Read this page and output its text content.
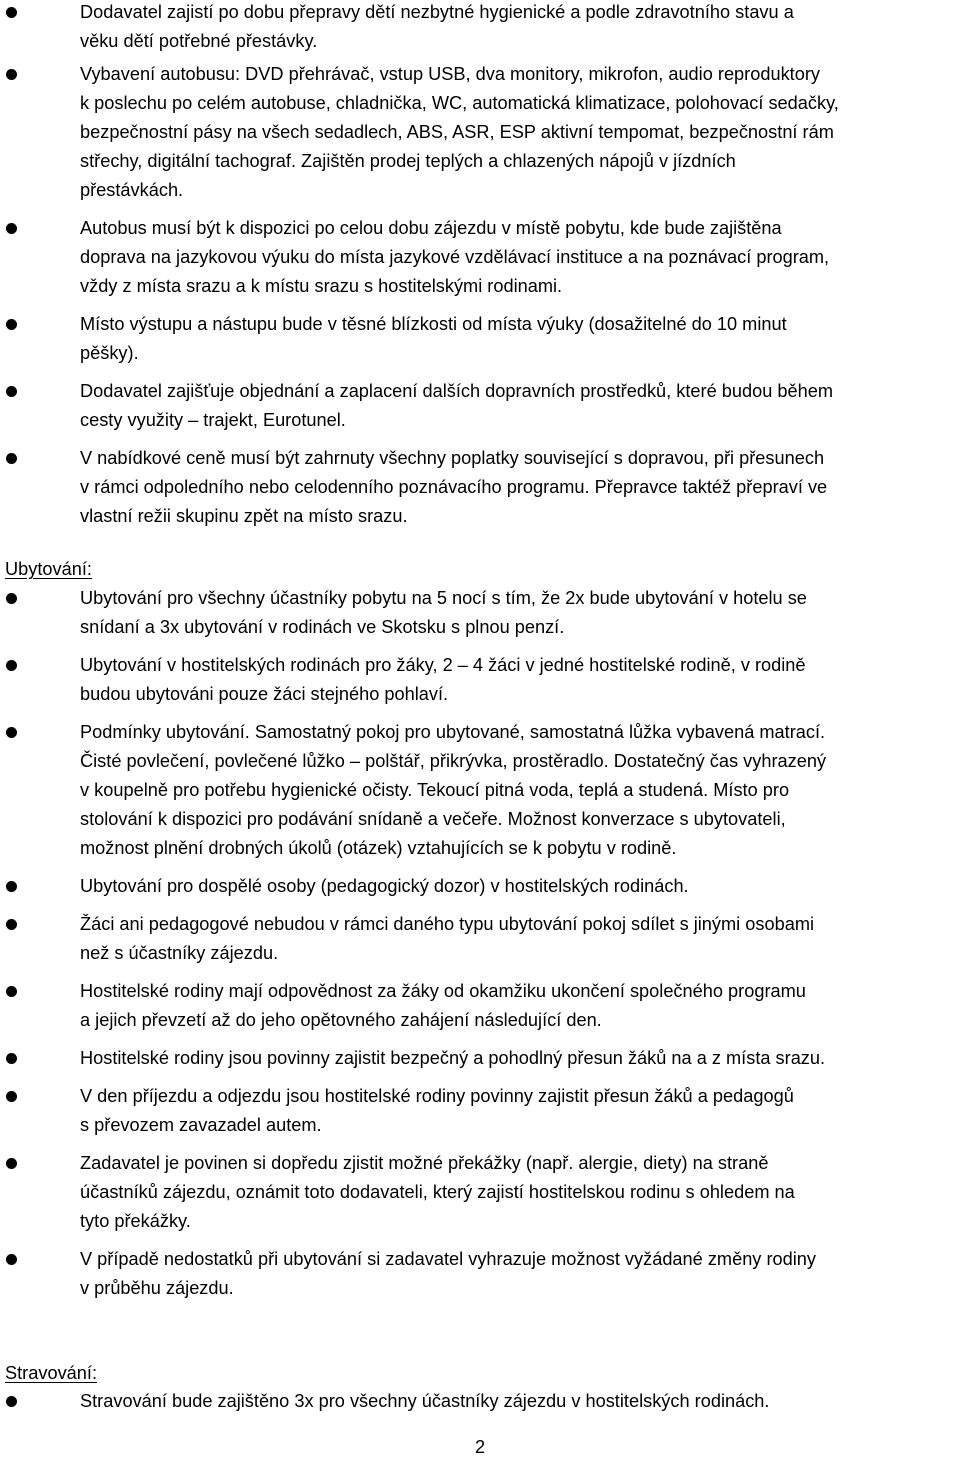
Dodavatel zajistí po dobu přepravy dětí nezbytné hygienické a podle zdravotního stavu a
věku dětí potřebné přestávky.
Vybavení autobusu: DVD přehrávač, vstup USB, dva monitory, mikrofon, audio reproduktory
k poslechu po celém autobuse, chladnička, WC, automatická klimatizace, polohovací sedačky,
bezpečnostní pásy na všech sedadlech, ABS, ASR, ESP aktivní tempomat, bezpečnostní rám
střechy, digitální tachograf. Zajištěn prodej teplých a chlazených nápojů v jízdních
přestávkách.
Autobus musí být k dispozici po celou dobu zájezdu v místě pobytu, kde bude zajištěna
doprava na jazykovou výuku do místa jazykové vzdělávací instituce a na poznávací program,
vždy z místa srazu a k místu srazu s hostitelskými rodinami.
Místo výstupu a nástupu bude v těsné blízkosti od místa výuky (dosažitelné do 10 minut
pěšky).
Dodavatel zajišťuje objednání a zaplacení dalších dopravních prostředků, které budou během
cesty využity – trajekt, Eurotunel.
V nabídkové ceně musí být zahrnuty všechny poplatky související s dopravou, při přesunech
v rámci odpoledního nebo celodenního poznávacího programu. Přepravce taktéž přepraví ve
vlastní režii skupinu zpět na místo srazu.
Ubytování:
Ubytování pro všechny účastníky pobytu na 5 nocí s tím, že 2x bude ubytování v hotelu se
snídaní a 3x ubytování v rodinách ve Skotsku s plnou penzí.
Ubytování v hostitelských rodinách pro žáky, 2 – 4 žáci v jedné hostitelské rodině, v rodině
budou ubytováni pouze žáci stejného pohlaví.
Podmínky ubytování. Samostatný pokoj pro ubytované, samostatná lůžka vybavená matrací.
Čisté povlečení, povlečené lůžko – polštář, přikrývka, prostěradlo. Dostatečný čas vyhrazený
v koupelně pro potřebu hygienické očisty. Tekoucí pitná voda, teplá a studená. Místo pro
stolování k dispozici pro podávání snídaně a večeře. Možnost konverzace s ubytovateli,
možnost plnění drobných úkolů (otázek) vztahujících se k pobytu v rodině.
Ubytování pro dospělé osoby (pedagogický dozor) v hostitelských rodinách.
Žáci ani pedagogové nebudou v rámci daného typu ubytování pokoj sdílet s jinými osobami
než s účastníky zájezdu.
Hostitelské rodiny mají odpovědnost za žáky od okamžiku ukončení společného programu
a jejich převzetí až do jeho opětovného zahájení následující den.
Hostitelské rodiny jsou povinny zajistit bezpečný a pohodlný přesun žáků na a z místa srazu.
V den příjezdu a odjezdu jsou hostitelské rodiny povinny zajistit přesun žáků a pedagogů
s převozem zavazadel autem.
Zadavatel je povinen si dopředu zjistit možné překážky (např. alergie, diety) na straně
účastníků zájezdu, oznámit toto dodavateli, který zajistí hostitelskou rodinu s ohledem na
tyto překážky.
V případě nedostatků při ubytování si zadavatel vyhrazuje možnost vyžádané změny rodiny
v průběhu zájezdu.
Stravování:
Stravování bude zajištěno 3x pro všechny účastníky zájezdu v hostitelských rodinách.
2
